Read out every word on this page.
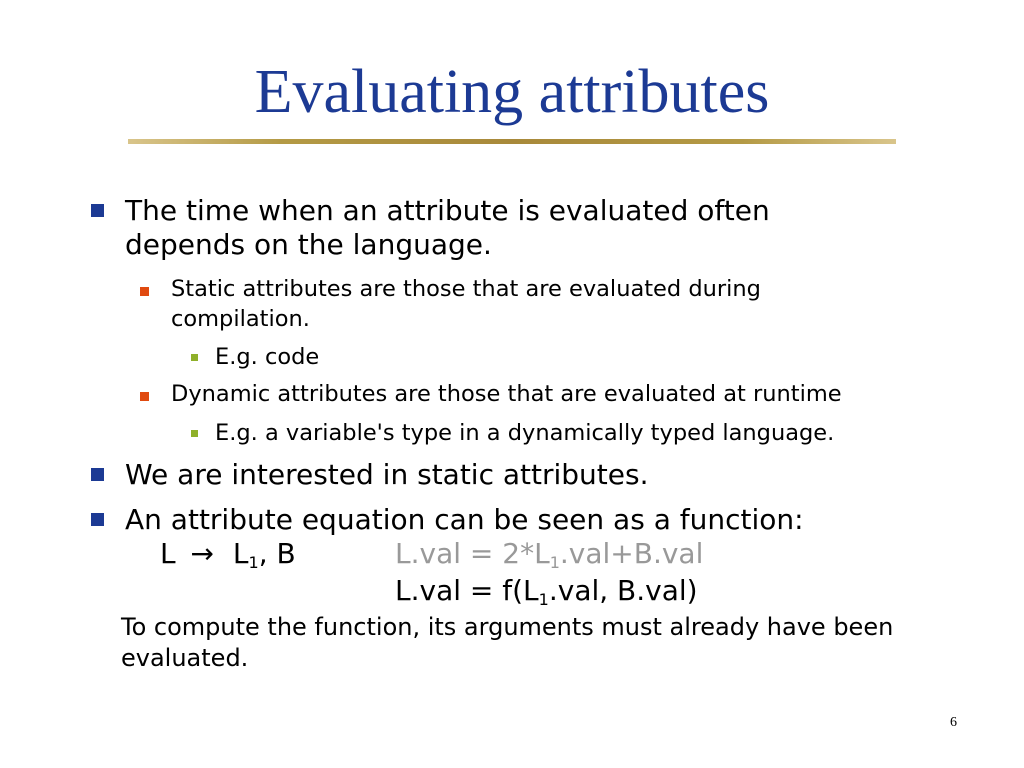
Evaluating attributes
The time when an attribute is evaluated often depends on the language.
Static attributes are those that are evaluated during compilation.
E.g. code
Dynamic attributes are those that are evaluated at runtime
E.g. a variable's type in a dynamically typed language.
We are interested in static attributes.
An attribute equation can be seen as a function:
$L \to L_1$, B	$L.val = 2*L_1.val+B.val$
$L.val = f(L_1.val$, B.val)
To compute the function, its arguments must already have been evaluated.
6
